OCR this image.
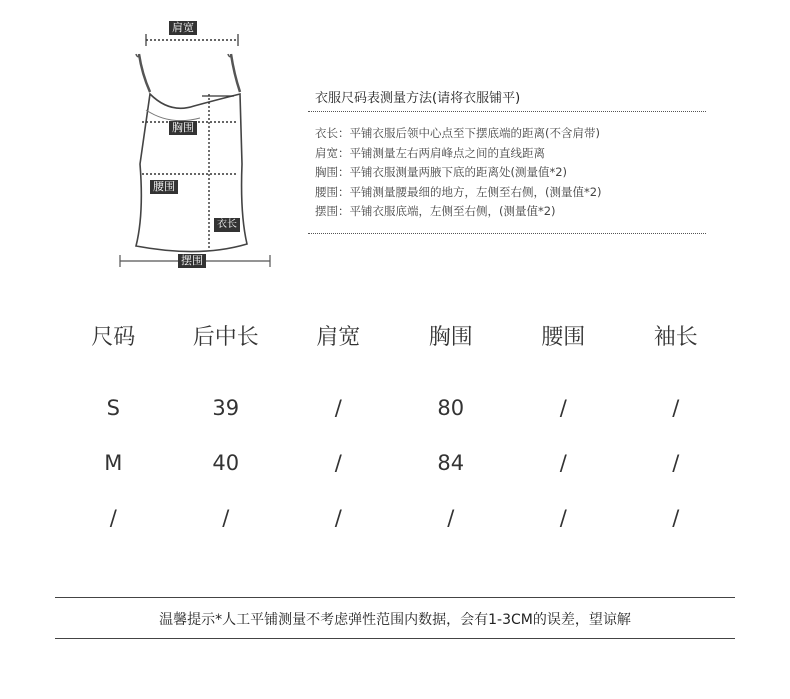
肩宽
胸围
腰围
衣长
摆围
衣服尺码表测量方法(请将衣服铺平)
衣长：平铺衣服后领中心点至下摆底端的距离(不含肩带)
肩宽：平铺测量左右两肩峰点之间的直线距离
胸围：平铺衣服测量两腋下底的距离处(测量值*2)
腰围：平铺测量腰最细的地方，左侧至右侧，(测量值*2)
摆围：平铺衣服底端，左侧至右侧，(测量值*2)
尺码	后中长	肩宽	胸围	腰围	袖长

S	39	/	80	/	/
M	40	/	84	/	/
/	/	/	/	/	/
温馨提示*人工平铺测量不考虑弹性范围内数据，会有1-3CM的误差，望谅解
